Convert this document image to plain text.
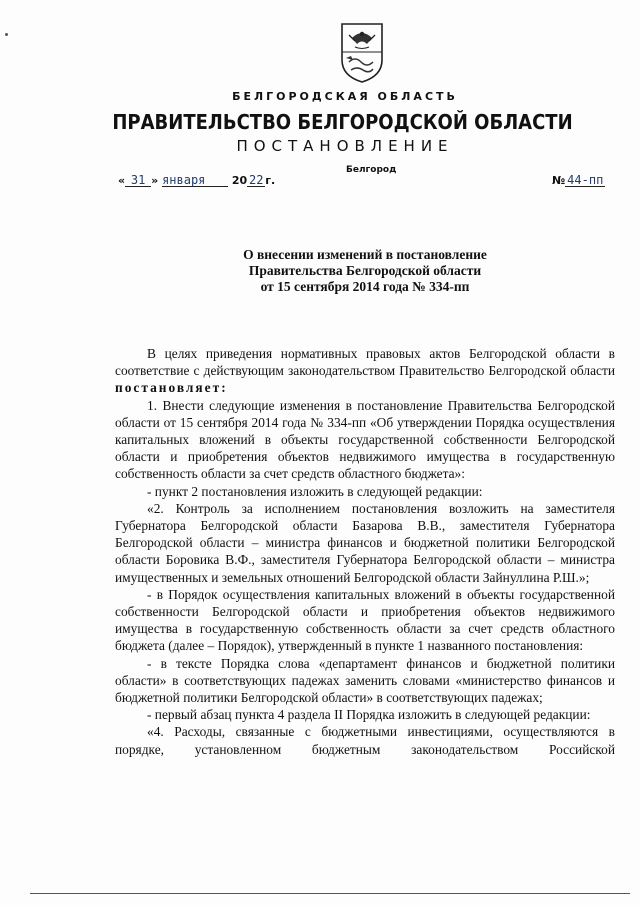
БЕЛГОРОДСКАЯ ОБЛАСТЬ
ПРАВИТЕЛЬСТВО БЕЛГОРОДСКОЙ ОБЛАСТИ
ПОСТАНОВЛЕНИЕ
Белгород
« 31 » января 20 22 г.	№ 44-пп
О внесении изменений в постановление
Правительства Белгородской области
от 15 сентября 2014 года № 334-пп

В целях приведения нормативных правовых актов Белгородской области в соответствие с действующим законодательством Правительство Белгородской области постановляет:

1. Внести следующие изменения в постановление Правительства Белгородской области от 15 сентября 2014 года № 334-пп «Об утверждении Порядка осуществления капитальных вложений в объекты государственной собственности Белгородской области и приобретения объектов недвижимого имущества в государственную собственность области за счет средств областного бюджета»:

- пункт 2 постановления изложить в следующей редакции:

«2. Контроль за исполнением постановления возложить на заместителя Губернатора Белгородской области Базарова В.В., заместителя Губернатора Белгородской области – министра финансов и бюджетной политики Белгородской области Боровика В.Ф., заместителя Губернатора Белгородской области – министра имущественных и земельных отношений Белгородской области Зайнуллина Р.Ш.»;

- в Порядок осуществления капитальных вложений в объекты государственной собственности Белгородской области и приобретения объектов недвижимого имущества в государственную собственность области за счет средств областного бюджета (далее – Порядок), утвержденный в пункте 1 названного постановления:

- в тексте Порядка слова «департамент финансов и бюджетной политики области» в соответствующих падежах заменить словами «министерство финансов и бюджетной политики Белгородской области» в соответствующих падежах;

- первый абзац пункта 4 раздела II Порядка изложить в следующей редакции:

«4. Расходы, связанные с бюджетными инвестициями, осуществляются в порядке, установленном бюджетным законодательством Российской
